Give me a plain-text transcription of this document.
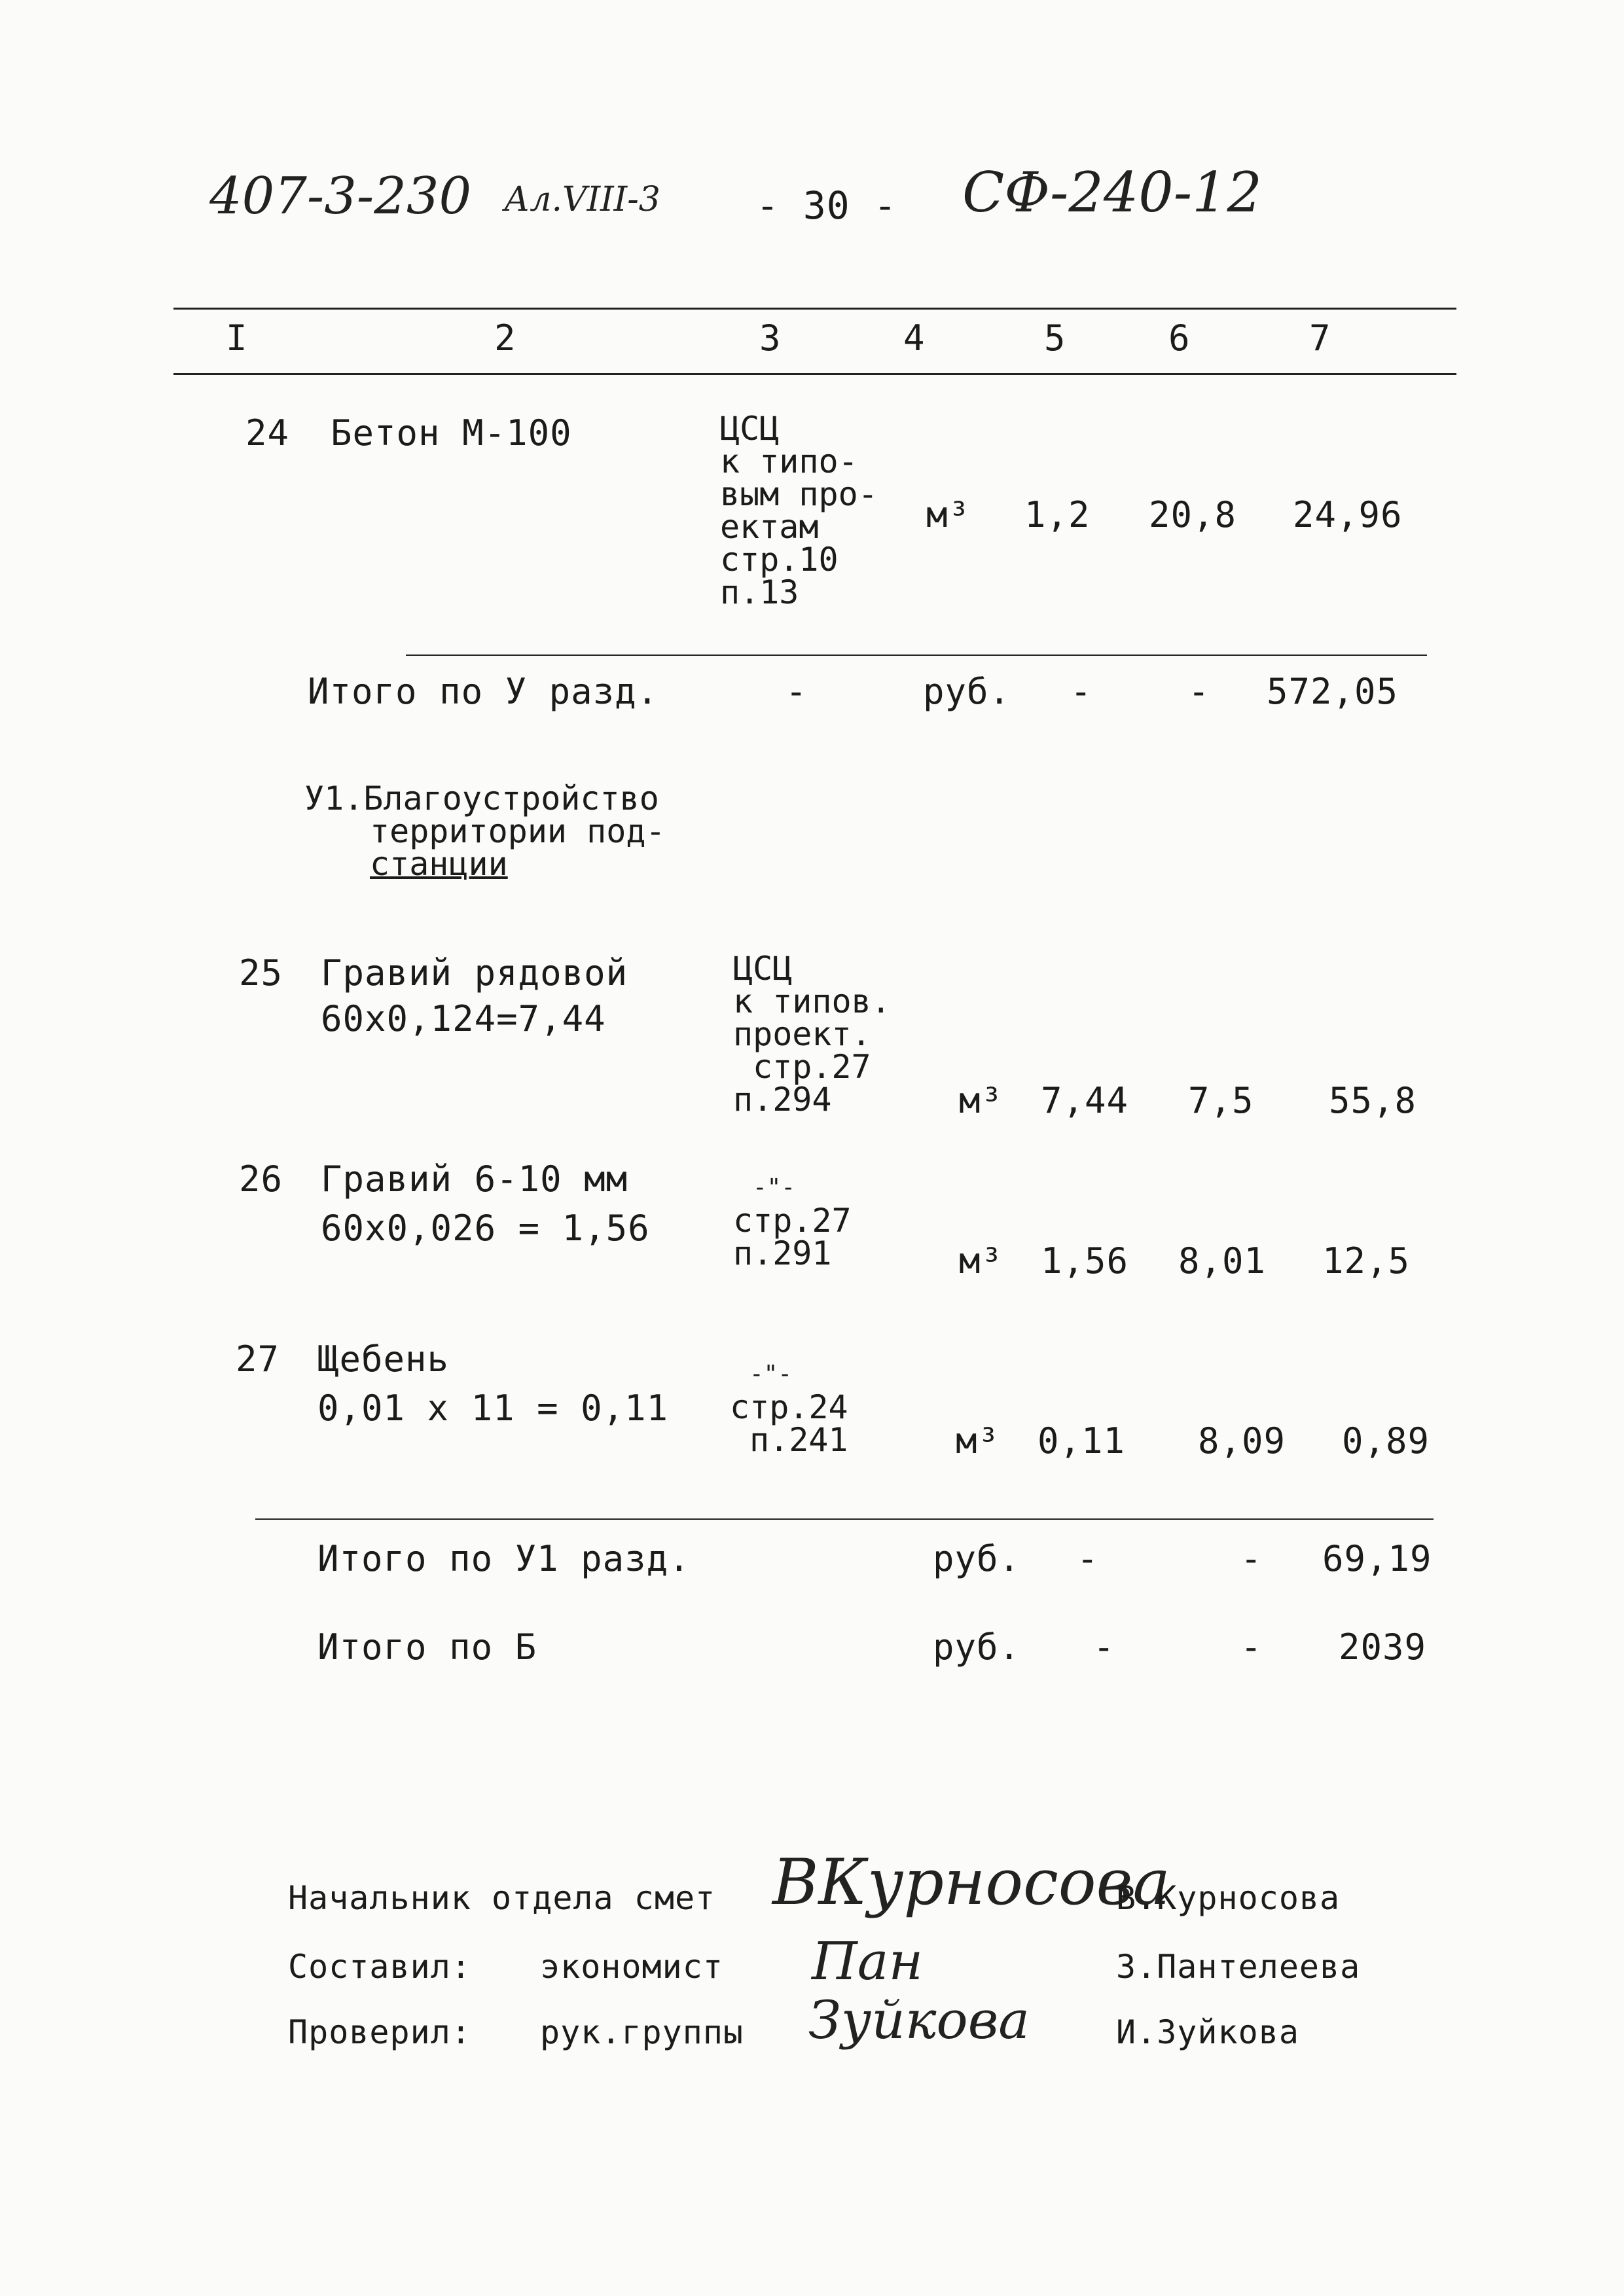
407-3-230 Ал.VIII-3	- 30 - СФ-240-12
I	2	3	4	5	6	7
24 Бетон М-100	ЦСЦ
к типо-
вым про-
ектам
стр.10
п.13
м³ 1,2 20,8 24,96
Итого по У разд.	-	руб. -	- 572,05
У1.Благоустройство
территории под-
станции
25 Гравий рядовой
60х0,124=7,44
ЦСЦ
к типов.
проект.
стр.27
п.294	м³ 7,44 7,5 55,8
26 Гравий 6-10 мм
60х0,026 = 1,56
-"-
стр.27
п.291	м³ 1,56 8,01 12,5
27 Щебень
0,01 х 11 = 0,11
-"-
стр.24
п.241	м³ 0,11 8,09 0,89
Итого по У1 разд.	руб. -	- 69,19
Итого по Б	руб. -	- 2039
Начальник отдела смет ВКурносова
В.Курносова
Составил: экономист Пан	З.Пантелеева
Проверил: рук.группы Зуйкова	И.Зуйкова
